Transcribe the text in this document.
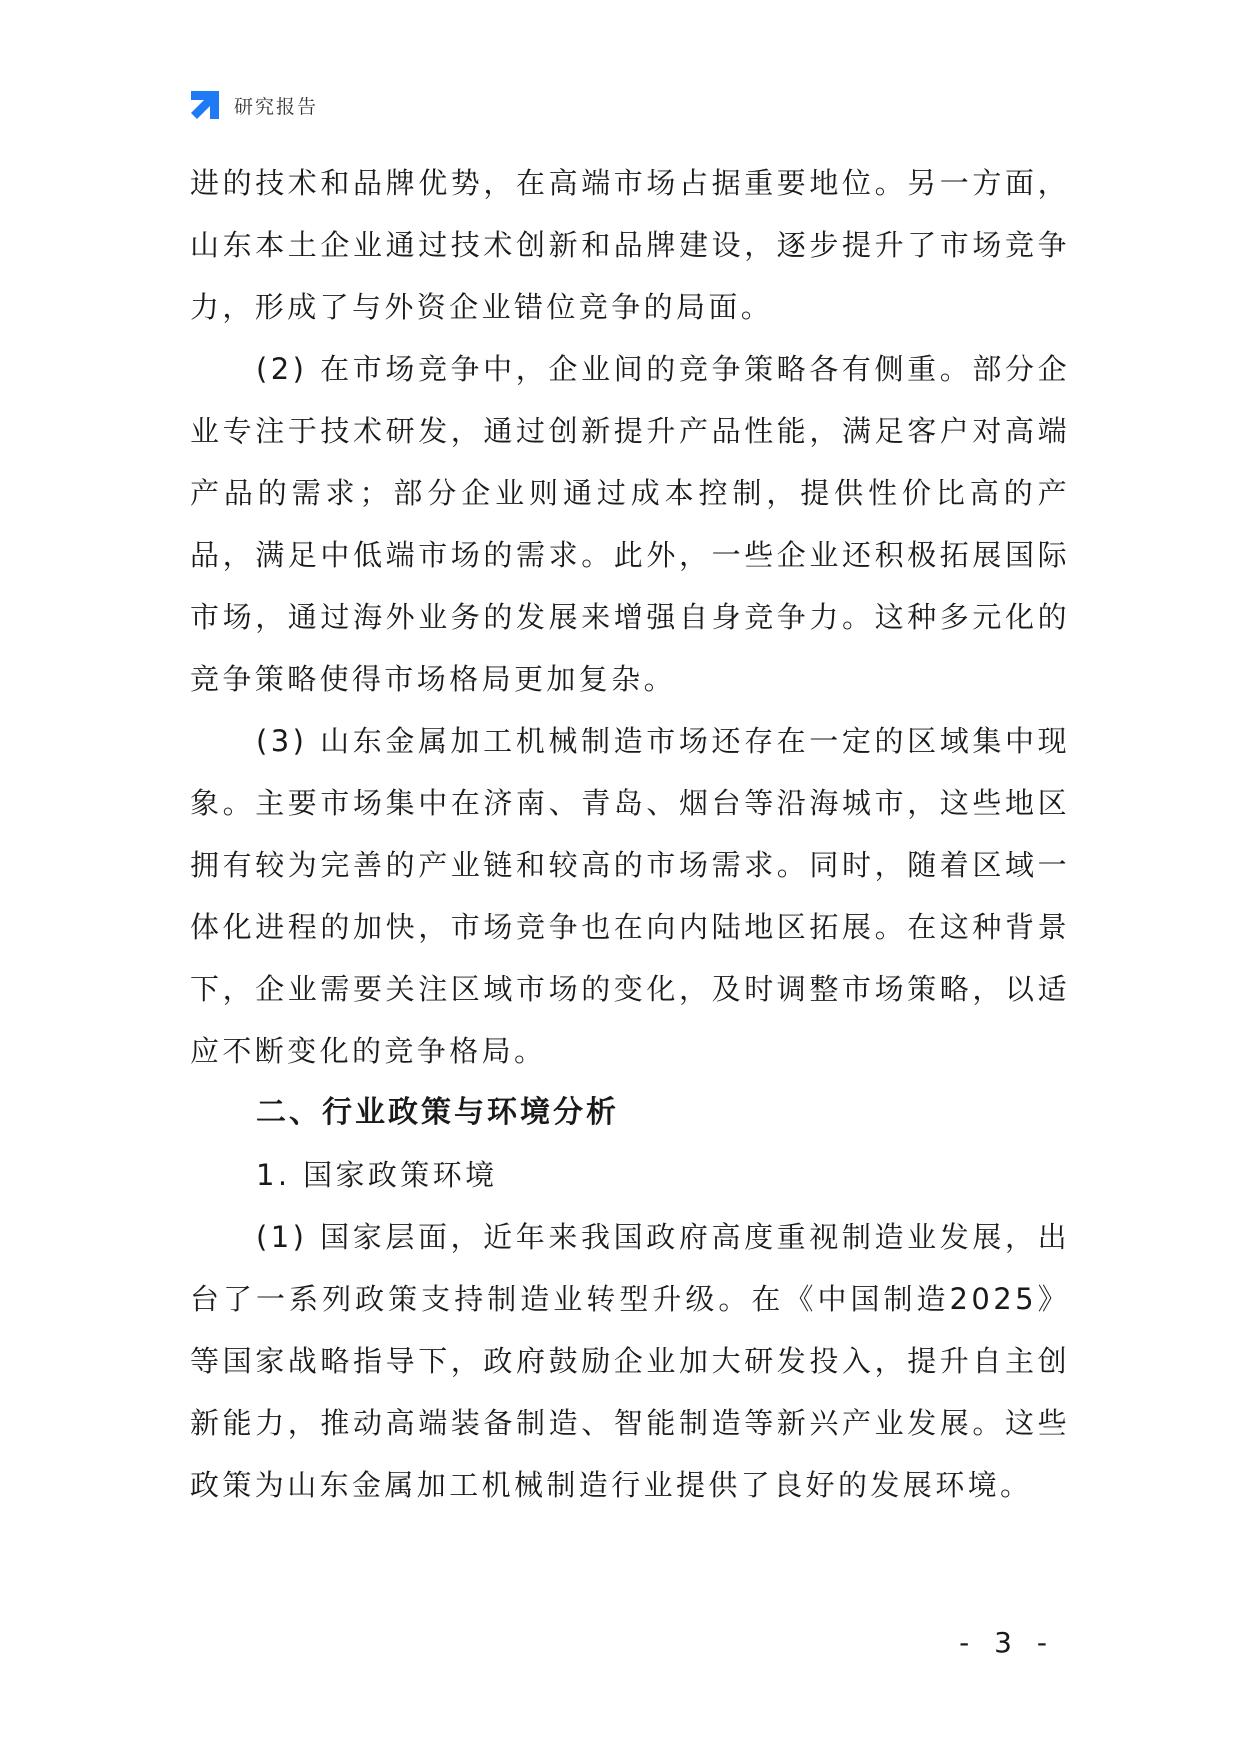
研究报告

进的技术和品牌优势，在高端市场占据重要地位。另一方面，山东本土企业通过技术创新和品牌建设，逐步提升了市场竞争力，形成了与外资企业错位竞争的局面。

(2) 在市场竞争中，企业间的竞争策略各有侧重。部分企业专注于技术研发，通过创新提升产品性能，满足客户对高端产品的需求；部分企业则通过成本控制，提供性价比高的产品，满足中低端市场的需求。此外，一些企业还积极拓展国际市场，通过海外业务的发展来增强自身竞争力。这种多元化的竞争策略使得市场格局更加复杂。

(3) 山东金属加工机械制造市场还存在一定的区域集中现象。主要市场集中在济南、青岛、烟台等沿海城市，这些地区拥有较为完善的产业链和较高的市场需求。同时，随着区域一体化进程的加快，市场竞争也在向内陆地区拓展。在这种背景下，企业需要关注区域市场的变化，及时调整市场策略，以适应不断变化的竞争格局。

二、行业政策与环境分析

1. 国家政策环境

(1) 国家层面，近年来我国政府高度重视制造业发展，出台了一系列政策支持制造业转型升级。在《中国制造2025》等国家战略指导下，政府鼓励企业加大研发投入，提升自主创新能力，推动高端装备制造、智能制造等新兴产业发展。这些政策为山东金属加工机械制造行业提供了良好的发展环境。

- 3 -
